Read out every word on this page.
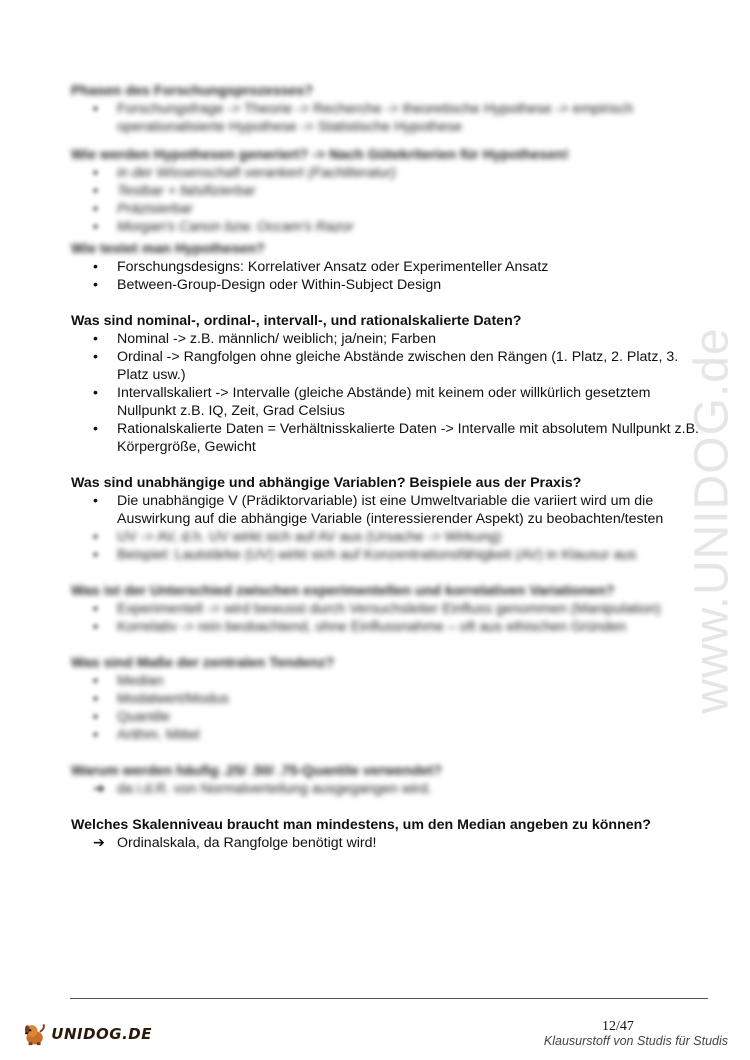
www.UNIDOG.de

Phasen des Forschungsprozesses?

•	Forschungsfrage -> Theorie -> Recherche -> theoretische Hypothese -> empirisch
operationalisierte Hypothese -> Statistische Hypothese

Wie werden Hypothesen generiert? -> Nach Gütekriterien für Hypothesen!

•	in der Wissenschaft verankert (Fachliteratur)
•	Testbar + falsifizierbar
•	Präzisierbar
•	Morgan's Canon bzw. Occam's Razor

Wie testet man Hypothesen?

•	Forschungsdesigns: Korrelativer Ansatz oder Experimenteller Ansatz
•	Between-Group-Design oder Within-Subject Design

Was sind nominal-, ordinal-, intervall-, und rationalskalierte Daten?

•	Nominal -> z.B. männlich/ weiblich; ja/nein; Farben
•	Ordinal -> Rangfolgen ohne gleiche Abstände zwischen den Rängen (1. Platz, 2. Platz, 3. Platz usw.)
•	Intervallskaliert -> Intervalle (gleiche Abstände) mit keinem oder willkürlich gesetztem Nullpunkt z.B. IQ, Zeit, Grad Celsius
•	Rationalskalierte Daten = Verhältnisskalierte Daten -> Intervalle mit absolutem Nullpunkt z.B. Körpergröße, Gewicht

Was sind unabhängige und abhängige Variablen? Beispiele aus der Praxis?

•	Die unabhängige V (Prädiktorvariable) ist eine Umweltvariable die variiert wird um die Auswirkung auf die abhängige Variable (interessierender Aspekt) zu beobachten/testen
•	UV -> AV, d.h. UV wirkt sich auf AV aus (Ursache -> Wirkung)
•	Beispiel: Lautstärke (UV) wirkt sich auf Konzentrationsfähigkeit (AV) in Klausur aus

Was ist der Unterschied zwischen experimentellen und korrelativen Variationen?

•	Experimentell -> wird bewusst durch Versuchsleiter Einfluss genommen (Manipulation)
•	Korrelativ -> rein beobachtend, ohne Einflussnahme – oft aus ethischen Gründen

Was sind Maße der zentralen Tendenz?

•	Median
•	Modalwert/Modus
•	Quantile
•	Arithm. Mittel

Warum werden häufig .25/ .50/ .75-Quantile verwendet?

➔ da i.d.R. von Normalverteilung ausgegangen wird.

Welches Skalenniveau braucht man mindestens, um den Median angeben zu können?

➔ Ordinalskala, da Rangfolge benötigt wird!
UNIDOG.DE	12/47
Klausurstoff von Studis für Studis
